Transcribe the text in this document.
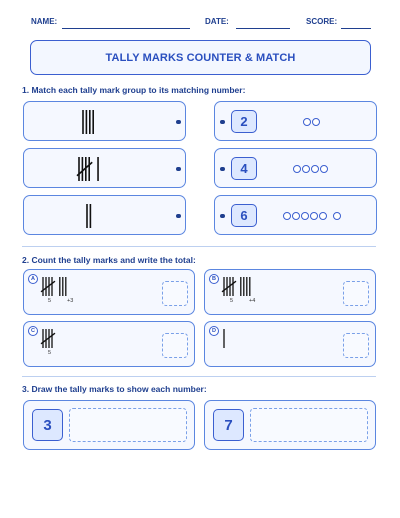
NAME:	DATE:	SCORE:
TALLY MARKS COUNTER & MATCH
1. Match each tally mark group to its matching number:
2
4
6
2. Count the tally marks and write the total:
A
5	+3
B
5	+4
C
5
D
3. Draw the tally marks to show each number:
3	7
